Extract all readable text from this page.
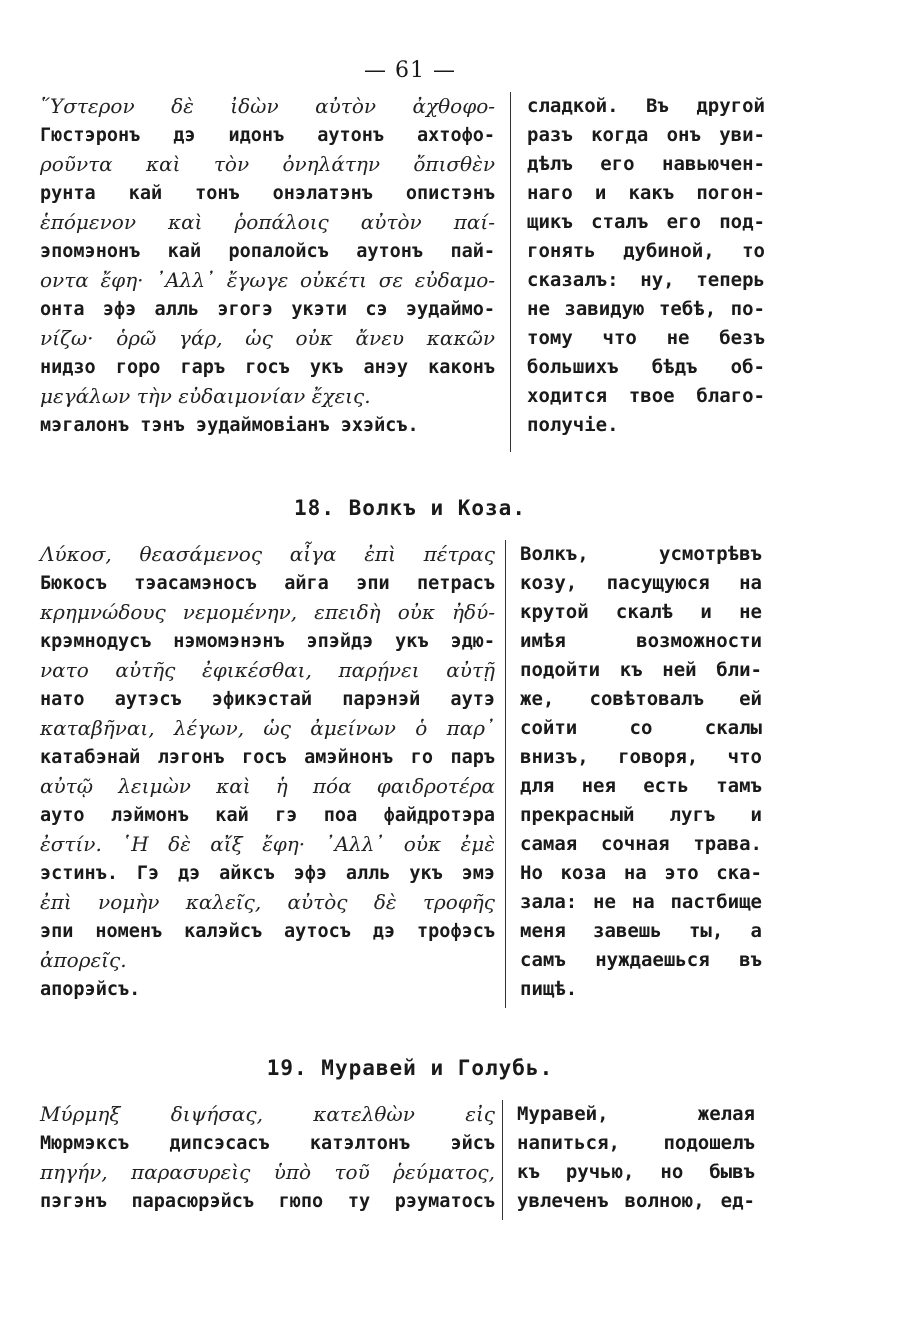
— 61 —
῞Υστερον δὲ ἰδὼν αὐτὸν ἀχθοφο-
Гюстэронъ дэ идонъ аутонъ ахтофо-
ροῦντα καὶ τὸν ὀνηλάτην ὄπισθὲν
рунта кай тонъ онэлатэнъ опистэнъ
ἑπόμενον καὶ ῥοπάλοις αὐτὸν παί-
эпомэнонъ кай ропалойсъ аутонъ пай-
οντα ἔφη· ᾿Αλλ᾿ ἔγωγε οὐκέτι σε εὐδαμο-
онта эфэ алль эгогэ укэти сэ эудаймо-
νίζω· ὁρῶ γάρ, ὡς οὐκ ἄνευ κακῶν
нидзо горо гаръ госъ укъ анэу каконъ
μεγάλων τὴν εὐδαιμονίαν ἔχεις.
мэгалонъ тэнъ эудаймовіанъ эхэйсъ.
сладкой. Въ другой
разъ когда онъ уви-
дѣлъ его навьючен-
наго и какъ погон-
щикъ сталъ его под-
гонять дубиной, то
сказалъ: ну, теперь
не завидую тебѣ, по-
тому что не безъ
большихъ бѣдъ об-
ходится твое благо-
получіе.
18. Волкъ и Коза.
Λύκοσ, θεασάμενος αἶγα ἐπὶ πέτρας
Бюкосъ тэасамэносъ айга эпи петрасъ
κρημνώδους νεμομένην, επειδὴ οὐκ ἠδύ-
крэмнодусъ нэмомэнэнъ эпэйдэ укъ эдю-
νατο αὐτῆς ἐφικέσθαι, παρῄνει αὐτῇ
нато аутэсъ эфикэстай парэнэй аутэ
καταβῆναι, λέγων, ὡς ἀμείνων ὁ παρ᾿
катабэнай лэгонъ госъ амэйнонъ го паръ
αὐτῷ λειμὼν καὶ ἡ πόα φαιδροτέρα
ауто лэймонъ кай гэ поа файдротэра
ἐστίν. ῾Η δὲ αἴξ ἔφη· ᾿Αλλ᾿ οὐκ ἐμὲ
эстинъ. Гэ дэ айксъ эфэ алль укъ эмэ
ἐπὶ νομὴν καλεῖς, αὐτὸς δὲ τροφῆς
эпи номенъ калэйсъ аутосъ дэ трофэсъ
ἀπορεῖς.
апорэйсъ.
Волкъ, усмотрѣвъ
козу, пасущуюся на
крутой скалѣ и не
имѣя возможности
подойти къ ней бли-
же, совѣтовалъ ей
сойти со скалы
внизъ, говоря, что
для нея есть тамъ
прекрасный лугъ и
самая сочная трава.
Но коза на это ска-
зала: не на пастбище
меня завешь ты, а
самъ нуждаешься въ
пищѣ.
19. Муравей и Голубь.
Μύρμηξ διψήσας, κατελθὼν εἰς
Мюрмэксъ дипсэсасъ катэлтонъ эйсъ
πηγήν, παρασυρεὶς ὑπὸ τοῦ ῥεύματος,
пэгэнъ парасюрэйсъ гюпо ту рэуматосъ
Муравей, желая
напиться, подошелъ
къ ручью, но бывъ
увлеченъ волною, ед-
